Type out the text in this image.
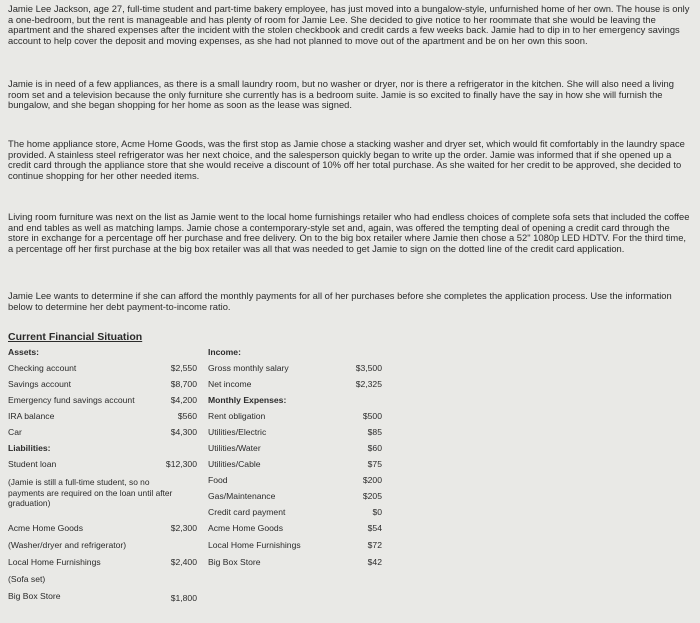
Jamie Lee Jackson, age 27, full-time student and part-time bakery employee, has just moved into a bungalow-style, unfurnished home of her own. The house is only a one-bedroom, but the rent is manageable and has plenty of room for Jamie Lee. She decided to give notice to her roommate that she would be leaving the apartment and the shared expenses after the incident with the stolen checkbook and credit cards a few weeks back. Jamie had to dip in to her emergency savings account to help cover the deposit and moving expenses, as she had not planned to move out of the apartment and be on her own this soon.

Jamie is in need of a few appliances, as there is a small laundry room, but no washer or dryer, nor is there a refrigerator in the kitchen. She will also need a living room set and a television because the only furniture she currently has is a bedroom suite. Jamie is so excited to finally have the say in how she will furnish the bungalow, and she began shopping for her home as soon as the lease was signed.

The home appliance store, Acme Home Goods, was the first stop as Jamie chose a stacking washer and dryer set, which would fit comfortably in the laundry space provided. A stainless steel refrigerator was her next choice, and the salesperson quickly began to write up the order. Jamie was informed that if she opened up a credit card through the appliance store that she would receive a discount of 10% off her total purchase. As she waited for her credit to be approved, she decided to continue shopping for her other needed items.

Living room furniture was next on the list as Jamie went to the local home furnishings retailer who had endless choices of complete sofa sets that included the coffee and end tables as well as matching lamps. Jamie chose a contemporary-style set and, again, was offered the tempting deal of opening a credit card through the store in exchange for a percentage off her purchase and free delivery. On to the big box retailer where Jamie then chose a 52" 1080p LED HDTV. For the third time, a percentage off her first purchase at the big box retailer was all that was needed to get Jamie to sign on the dotted line of the credit card application.

Jamie Lee wants to determine if she can afford the monthly payments for all of her purchases before she completes the application process. Use the information below to determine her debt payment-to-income ratio.

Current Financial Situation
Assets:
Checking account	$2,550
Savings account	$8,700
Emergency fund savings account	$4,200
IRA balance	$560
Car	$4,300
Liabilities:
Student loan	$12,300
(Jamie is still a full-time student, so no payments are required on the loan until after graduation)
Acme Home Goods	$2,300
(Washer/dryer and refrigerator)
Local Home Furnishings	$2,400
(Sofa set)
Big Box Store	$1,800
Income:
Gross monthly salary	$3,500
Net income	$2,325
Monthly Expenses:
Rent obligation	$500
Utilities/Electric	$85
Utilities/Water	$60
Utilities/Cable	$75
Food	$200
Gas/Maintenance	$205
Credit card payment	$0
Acme Home Goods	$54
Local Home Furnishings	$72
Big Box Store	$42
